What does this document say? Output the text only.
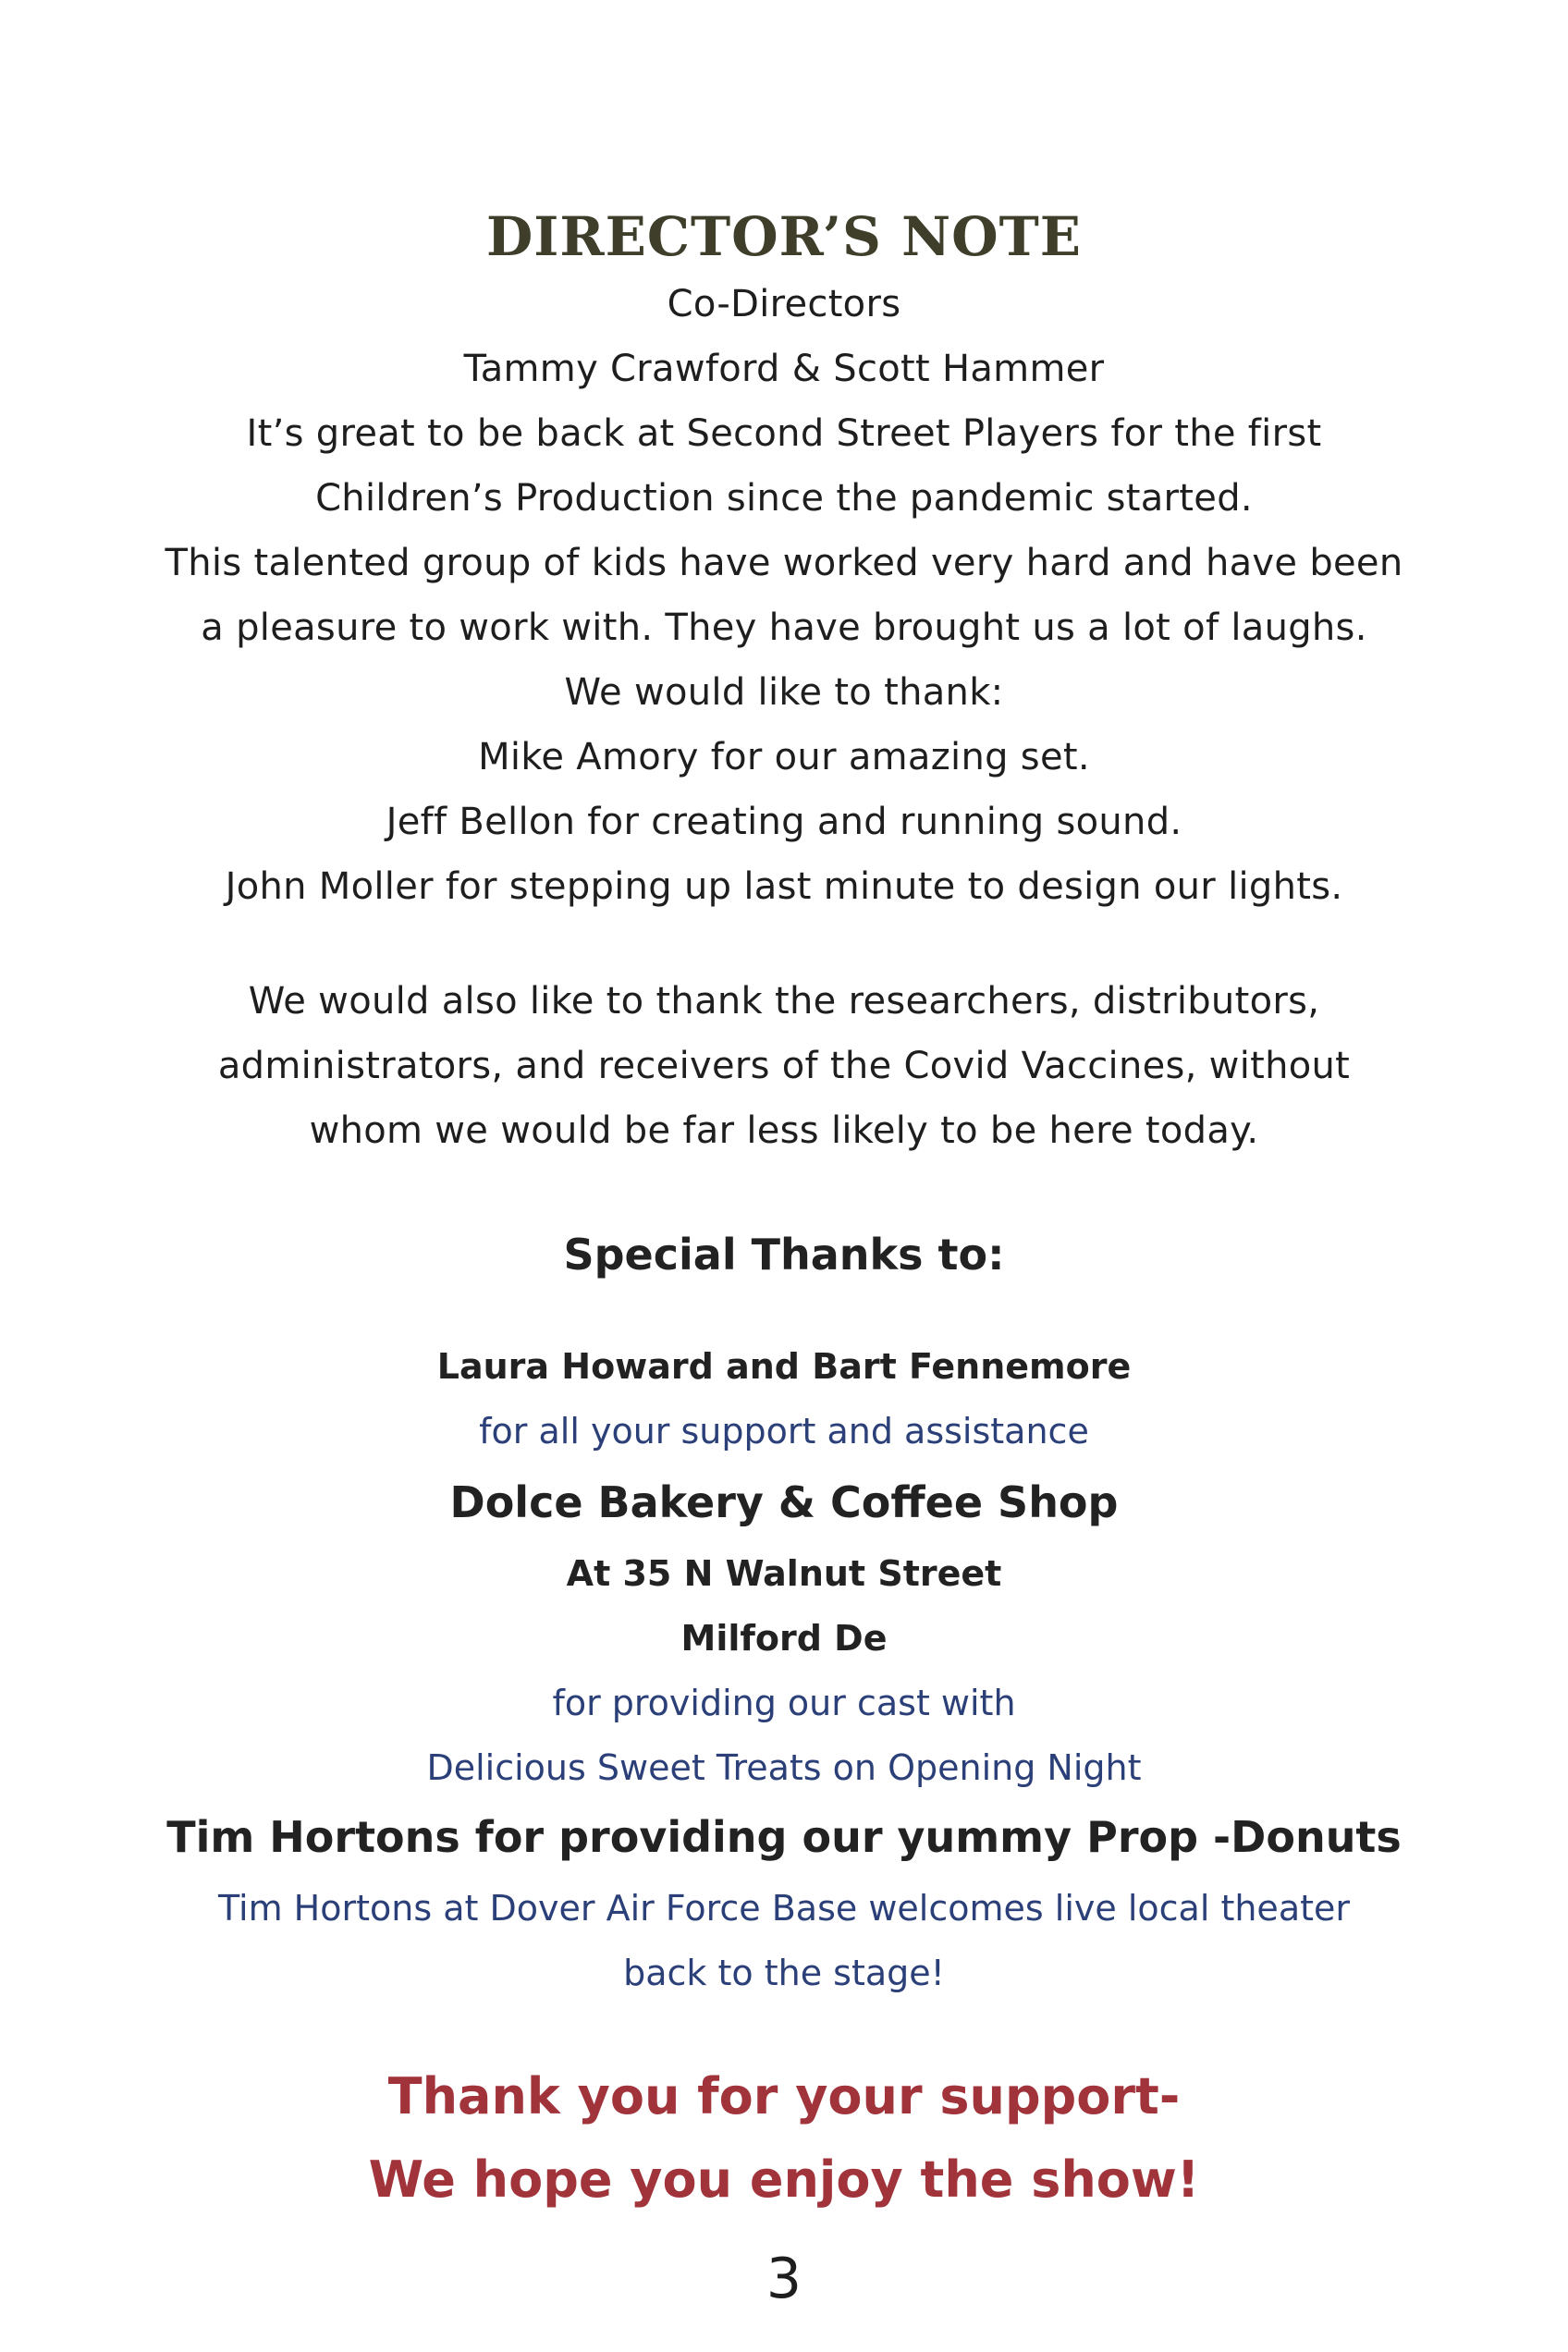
DIRECTOR’S NOTE
Co-Directors
Tammy Crawford & Scott Hammer
It’s great to be back at Second Street Players for the first
Children’s Production since the pandemic started.
This talented group of kids have worked very hard and have been
a pleasure to work with. They have brought us a lot of laughs.
We would like to thank:
Mike Amory for our amazing set.
Jeff Bellon for creating and running sound.
John Moller for stepping up last minute to design our lights.
We would also like to thank the researchers, distributors,
administrators, and receivers of the Covid Vaccines, without
whom we would be far less likely to be here today.
Special Thanks to:
Laura Howard and Bart Fennemore
for all your support and assistance
Dolce Bakery & Coffee Shop
At 35 N Walnut Street
Milford De
for providing our cast with
Delicious Sweet Treats on Opening Night
Tim Hortons for providing our yummy Prop -Donuts
Tim Hortons at Dover Air Force Base welcomes live local theater
back to the stage!
Thank you for your support-
We hope you enjoy the show!
3
